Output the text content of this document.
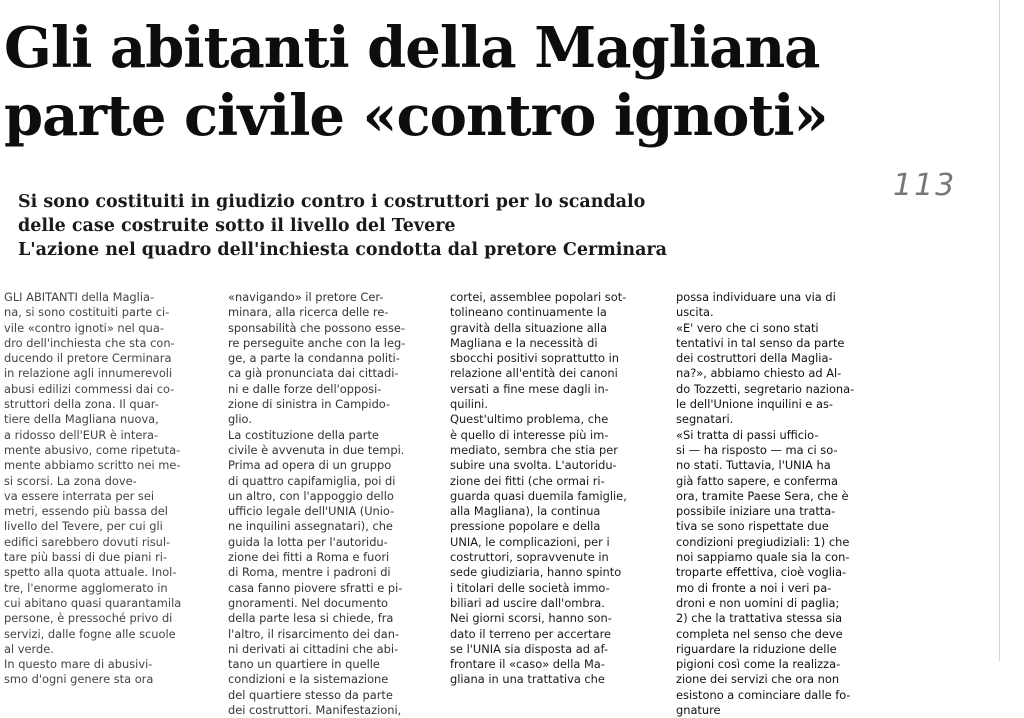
Gli abitanti della Magliana
parte civile «contro ignoti»
Si sono costituiti in giudizio contro i costruttori per lo scandalo
delle case costruite sotto il livello del Tevere
L'azione nel quadro dell'inchiesta condotta dal pretore Cerminara
113
GLI ABITANTI della Maglia-
na, si sono costituiti parte ci-
vile «contro ignoti» nel qua-
dro dell'inchiesta che sta con-
ducendo il pretore Cerminara
in relazione agli innumerevoli
abusi edilizi commessi dai co-
struttori della zona. Il quar-
tiere della Magliana nuova,
a ridosso dell'EUR è intera-
mente abusivo, come ripetuta-
mente abbiamo scritto nei me-
si scorsi. La zona dove-
va essere interrata per sei
metri, essendo più bassa del
livello del Tevere, per cui gli
edifici sarebbero dovuti risul-
tare più bassi di due piani ri-
spetto alla quota attuale. Inol-
tre, l'enorme agglomerato in
cui abitano quasi quarantamila
persone, è pressoché privo di
servizi, dalle fogne alle scuole
al verde.
In questo mare di abusivi-
smo d'ogni genere sta ora
«navigando» il pretore Cer-
minara, alla ricerca delle re-
sponsabilità che possono esse-
re perseguite anche con la leg-
ge, a parte la condanna politi-
ca già pronunciata dai cittadi-
ni e dalle forze dell'opposi-
zione di sinistra in Campido-
glio.
La costituzione della parte
civile è avvenuta in due tempi.
Prima ad opera di un gruppo
di quattro capifamiglia, poi di
un altro, con l'appoggio dello
ufficio legale dell'UNIA (Unio-
ne inquilini assegnatari), che
guida la lotta per l'autoridu-
zione dei fitti a Roma e fuori
di Roma, mentre i padroni di
casa fanno piovere sfratti e pi-
gnoramenti. Nel documento
della parte lesa si chiede, fra
l'altro, il risarcimento dei dan-
ni derivati ai cittadini che abi-
tano un quartiere in quelle
condizioni e la sistemazione
del quartiere stesso da parte
dei costruttori. Manifestazioni,
cortei, assemblee popolari sot-
tolineano continuamente la
gravità della situazione alla
Magliana e la necessità di
sbocchi positivi soprattutto in
relazione all'entità dei canoni
versati a fine mese dagli in-
quilini.
Quest'ultimo problema, che
è quello di interesse più im-
mediato, sembra che stia per
subire una svolta. L'autoridu-
zione dei fitti (che ormai ri-
guarda quasi duemila famiglie,
alla Magliana), la continua
pressione popolare e della
UNIA, le complicazioni, per i
costruttori, sopravvenute in
sede giudiziaria, hanno spinto
i titolari delle società immo-
biliari ad uscire dall'ombra.
Nei giorni scorsi, hanno son-
dato il terreno per accertare
se l'UNIA sia disposta ad af-
frontare il «caso» della Ma-
gliana in una trattativa che
possa individuare una via di
uscita.
«E' vero che ci sono stati
tentativi in tal senso da parte
dei costruttori della Maglia-
na?», abbiamo chiesto ad Al-
do Tozzetti, segretario naziona-
le dell'Unione inquilini e as-
segnatari.
«Si tratta di passi ufficio-
si — ha risposto — ma ci so-
no stati. Tuttavia, l'UNIA ha
già fatto sapere, e conferma
ora, tramite Paese Sera, che è
possibile iniziare una tratta-
tiva se sono rispettate due
condizioni pregiudiziali: 1) che
noi sappiamo quale sia la con-
troparte effettiva, cioè voglia-
mo di fronte a noi i veri pa-
droni e non uomini di paglia;
2) che la trattativa stessa sia
completa nel senso che deve
riguardare la riduzione delle
pigioni così come la realizza-
zione dei servizi che ora non
esistono a cominciare dalle fo-
gnature
